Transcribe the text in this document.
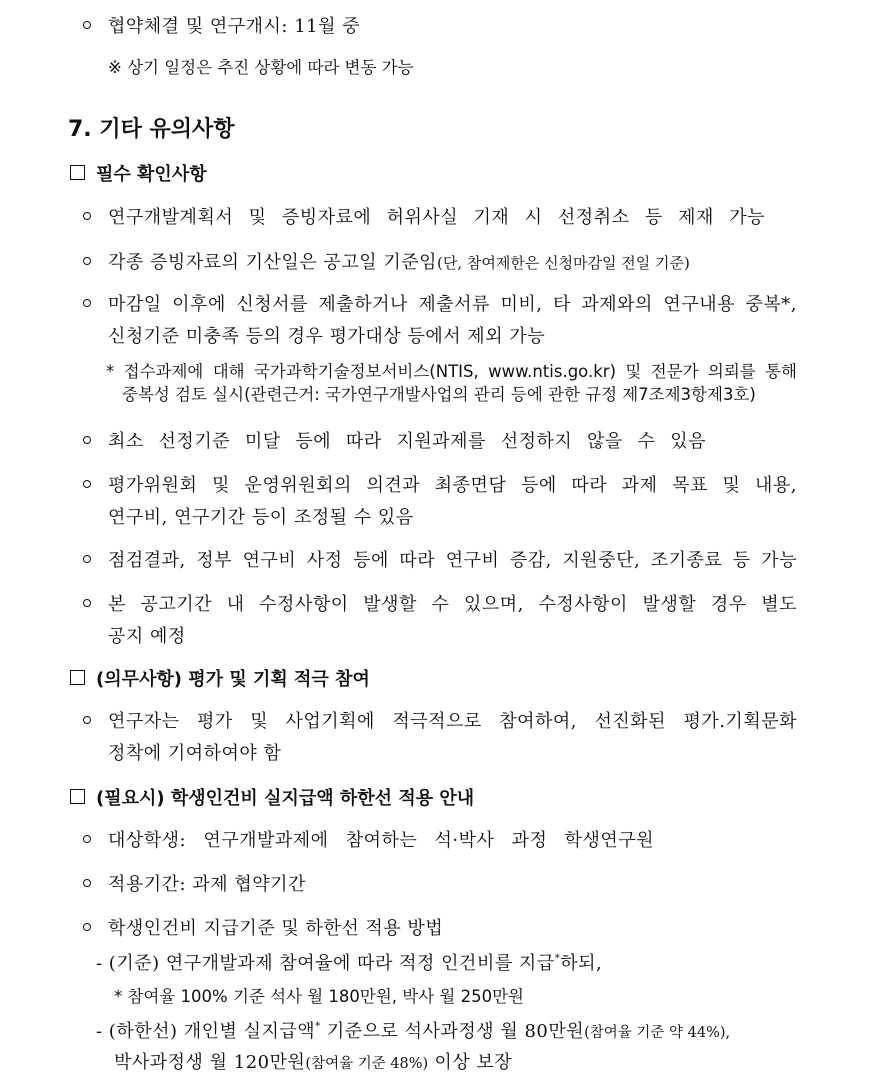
협약체결 및 연구개시: 11월 중
※ 상기 일정은 추진 상황에 따라 변동 가능
7. 기타 유의사항
필수 확인사항
연구개발계획서 및 증빙자료에 허위사실 기재 시 선정취소 등 제재 가능
각종 증빙자료의 기산일은 공고일 기준임(단, 참여제한은 신청마감일 전일 기준)
마감일 이후에 신청서를 제출하거나 제출서류 미비, 타 과제와의 연구내용 중복*,
신청기준 미충족 등의 경우 평가대상 등에서 제외 가능
* 접수과제에 대해 국가과학기술정보서비스(NTIS, www.ntis.go.kr) 및 전문가 의뢰를 통해
중복성 검토 실시(관련근거: 국가연구개발사업의 관리 등에 관한 규정 제7조제3항제3호)
최소 선정기준 미달 등에 따라 지원과제를 선정하지 않을 수 있음
평가위원회 및 운영위원회의 의견과 최종면담 등에 따라 과제 목표 및 내용,
연구비, 연구기간 등이 조정될 수 있음
점검결과, 정부 연구비 사정 등에 따라 연구비 증감, 지원중단, 조기종료 등 가능
본 공고기간 내 수정사항이 발생할 수 있으며, 수정사항이 발생할 경우 별도
공지 예정
(의무사항) 평가 및 기획 적극 참여
연구자는 평가 및 사업기획에 적극적으로 참여하여, 선진화된 평가.기획문화
정착에 기여하여야 함
(필요시) 학생인건비 실지급액 하한선 적용 안내
대상학생: 연구개발과제에 참여하는 석·박사 과정 학생연구원
적용기간: 과제 협약기간
학생인건비 지급기준 및 하한선 적용 방법
- (기준) 연구개발과제 참여율에 따라 적정 인건비를 지급*하되,
* 참여율 100% 기준 석사 월 180만원, 박사 월 250만원
- (하한선) 개인별 실지급액* 기준으로 석사과정생 월 80만원(참여율 기준 약 44%),
박사과정생 월 120만원(참여율 기준 48%) 이상 보장
